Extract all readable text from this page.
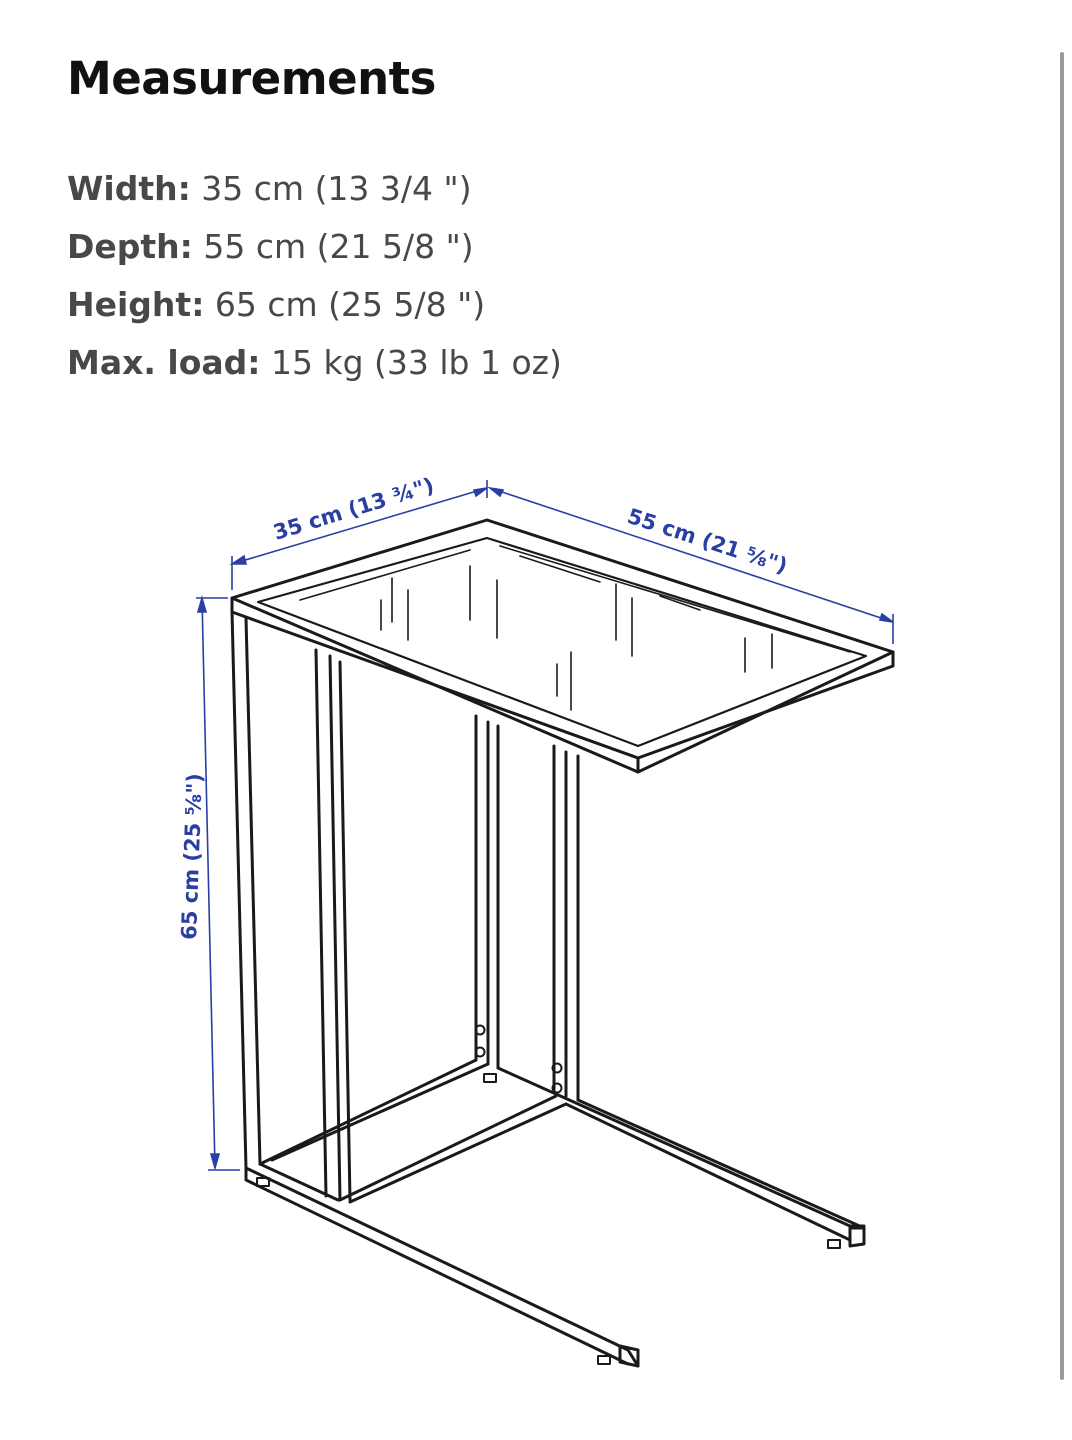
Measurements
Width: 35 cm (13 3/4 ")
Depth: 55 cm (21 5/8 ")
Height: 65 cm (25 5/8 ")
Max. load: 15 kg (33 lb 1 oz)
35 cm (13 ¾")	55 cm (21 ⅝")
65 cm (25 ⅝")
